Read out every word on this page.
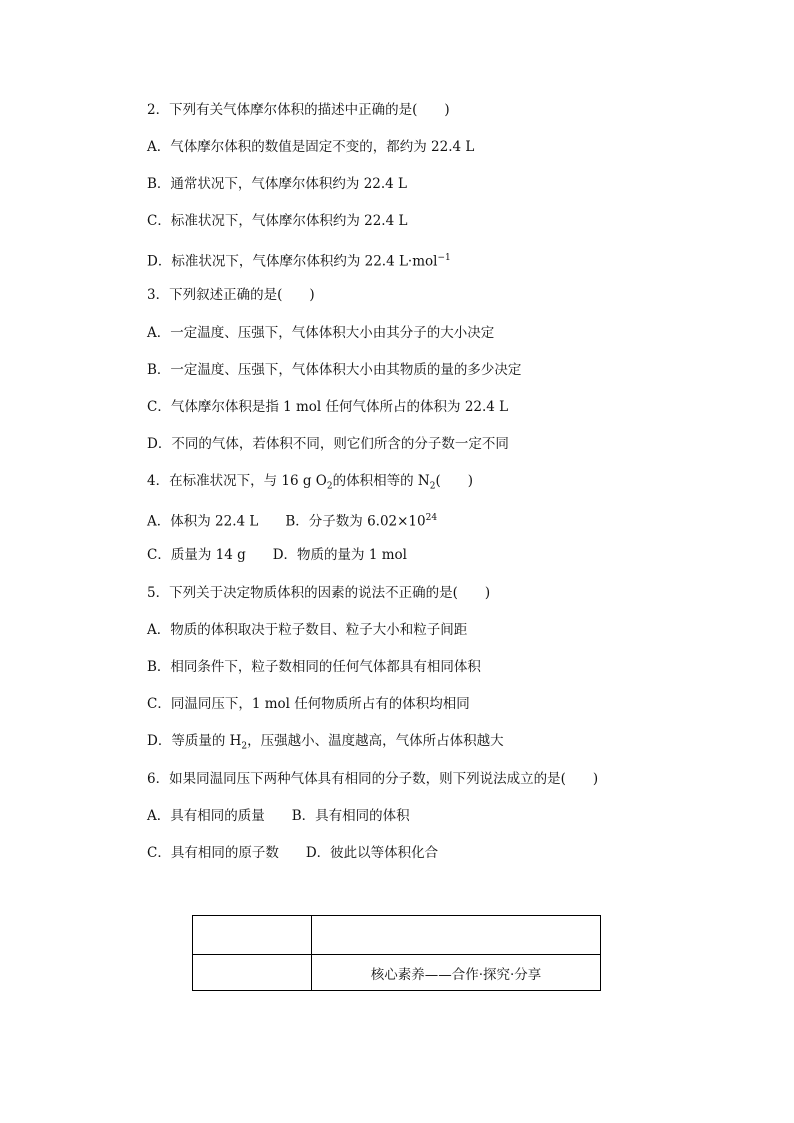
2．下列有关气体摩尔体积的描述中正确的是(　　)
A．气体摩尔体积的数值是固定不变的，都约为 22.4 L
B．通常状况下，气体摩尔体积约为 22.4 L
C．标准状况下，气体摩尔体积约为 22.4 L
D．标准状况下，气体摩尔体积约为 22.4 L·mol$^{-1}$
3．下列叙述正确的是(　　)
A．一定温度、压强下，气体体积大小由其分子的大小决定
B．一定温度、压强下，气体体积大小由其物质的量的多少决定
C．气体摩尔体积是指 1 mol 任何气体所占的体积为 22.4 L
D．不同的气体，若体积不同，则它们所含的分子数一定不同
4．在标准状况下，与 16 g $O_2$的体积相等的 $N_2$(　　)
A．体积为 22.4 L　　B．分子数为 $6.02\times 10^{24}$
C．质量为 14 g　　D．物质的量为 1 mol
5．下列关于决定物质体积的因素的说法不正确的是(　　)
A．物质的体积取决于粒子数目、粒子大小和粒子间距
B．相同条件下，粒子数相同的任何气体都具有相同体积
C．同温同压下，1 mol 任何物质所占有的体积均相同
D．等质量的 $H_2$，压强越小、温度越高，气体所占体积越大
6．如果同温同压下两种气体具有相同的分子数，则下列说法成立的是(　　)
A．具有相同的质量　　B．具有相同的体积
C．具有相同的原子数　　D．彼此以等体积化合
核心素养——合作·探究·分享
